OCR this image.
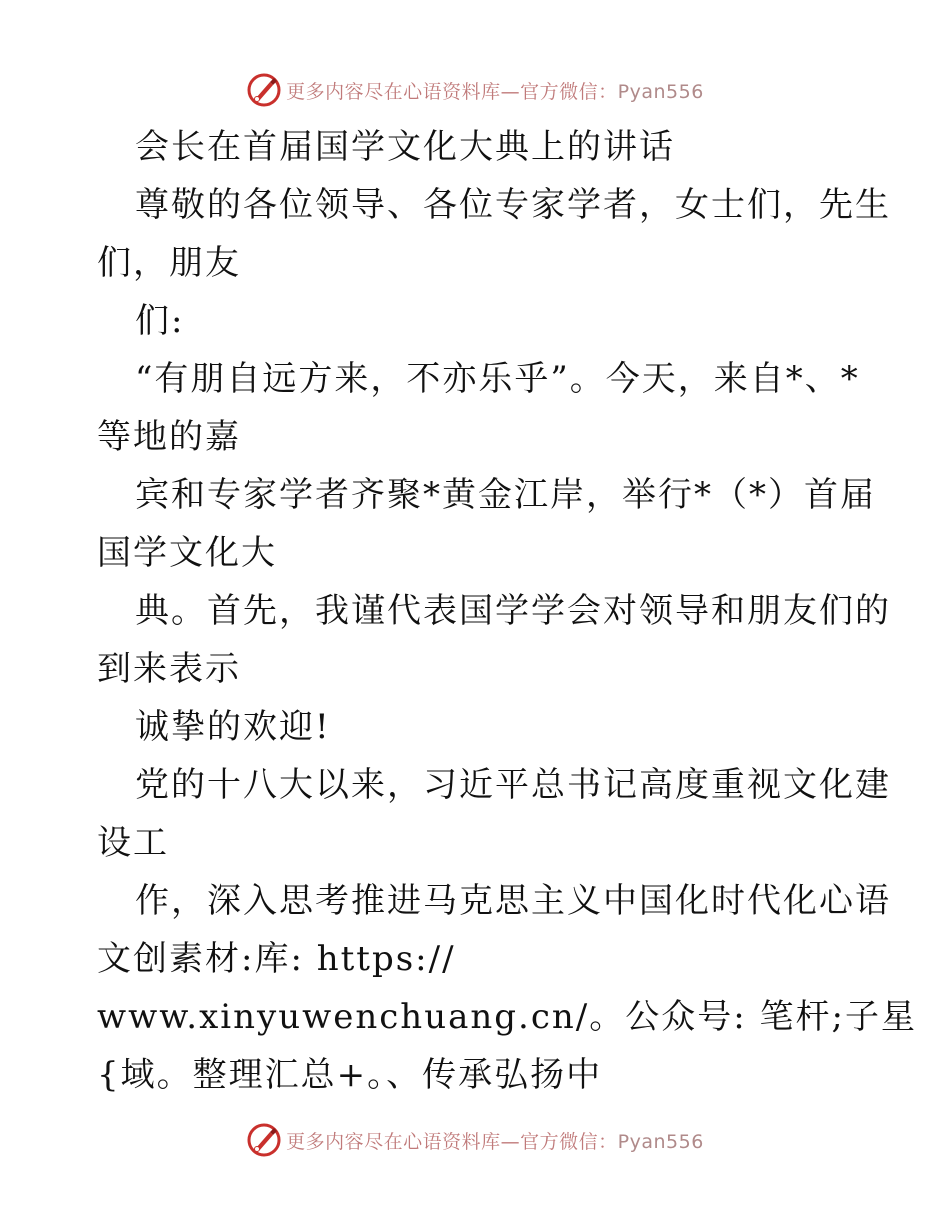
更多内容尽在心语资料库—官方微信：Pyan556
会长在首届国学文化大典上的讲话
尊敬的各位领导、各位专家学者，女士们，先生
们，朋友
们:
“有朋自远方来，不亦乐乎”。今天，来自*、*
等地的嘉
宾和专家学者齐聚*黄金江岸，举行*（*）首届
国学文化大
典。首先，我谨代表国学学会对领导和朋友们的
到来表示
诚挚的欢迎!
党的十八大以来，习近平总书记高度重视文化建
设工
作，深入思考推进马克思主义中国化时代化心语
文创素材:库: https://
www.xinyuwenchuang.cn/。公众号: 笔杆;子星
{域。整理汇总+。、传承弘扬中
更多内容尽在心语资料库—官方微信：Pyan556
